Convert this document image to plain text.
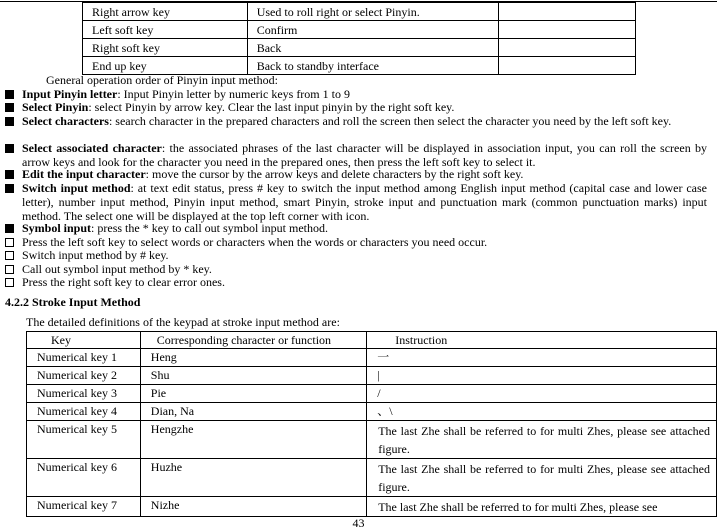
Right arrow key	Used to roll right or select Pinyin.	
Left soft key	Confirm	
Right soft key	Back	
End up key	Back to standby interface	
General operation order of Pinyin input method:
Input Pinyin letter: Input Pinyin letter by numeric keys from 1 to 9
Select Pinyin: select Pinyin by arrow key. Clear the last input pinyin by the right soft key.
Select characters: search character in the prepared characters and roll the screen then select the character you need by the left soft key.
Select associated character: the associated phrases of the last character will be displayed in association input, you can roll the screen by arrow keys and look for the character you need in the prepared ones, then press the left soft key to select it.
Edit the input character: move the cursor by the arrow keys and delete characters by the right soft key.
Switch input method: at text edit status, press # key to switch the input method among English input method (capital case and lower case letter), number input method, Pinyin input method, smart Pinyin, stroke input and punctuation mark (common punctuation marks) input method. The select one will be displayed at the top left corner with icon.
Symbol input: press the * key to call out symbol input method.
Press the left soft key to select words or characters when the words or characters you need occur.
Switch input method by # key.
Call out symbol input method by * key.
Press the right soft key to clear error ones.
4.2.2 Stroke Input Method
The detailed definitions of the keypad at stroke input method are:
Key	Corresponding character or function	Instruction
Numerical key 1	Heng	一
Numerical key 2	Shu	|
Numerical key 3	Pie	/
Numerical key 4	Dian, Na	、\
Numerical key 5	Hengzhe	The last Zhe shall be referred to for multi Zhes, please see attached figure.
Numerical key 6	Huzhe	The last Zhe shall be referred to for multi Zhes, please see attached figure.
Numerical key 7	Nizhe	The last Zhe shall be referred to for multi Zhes, please see
43
